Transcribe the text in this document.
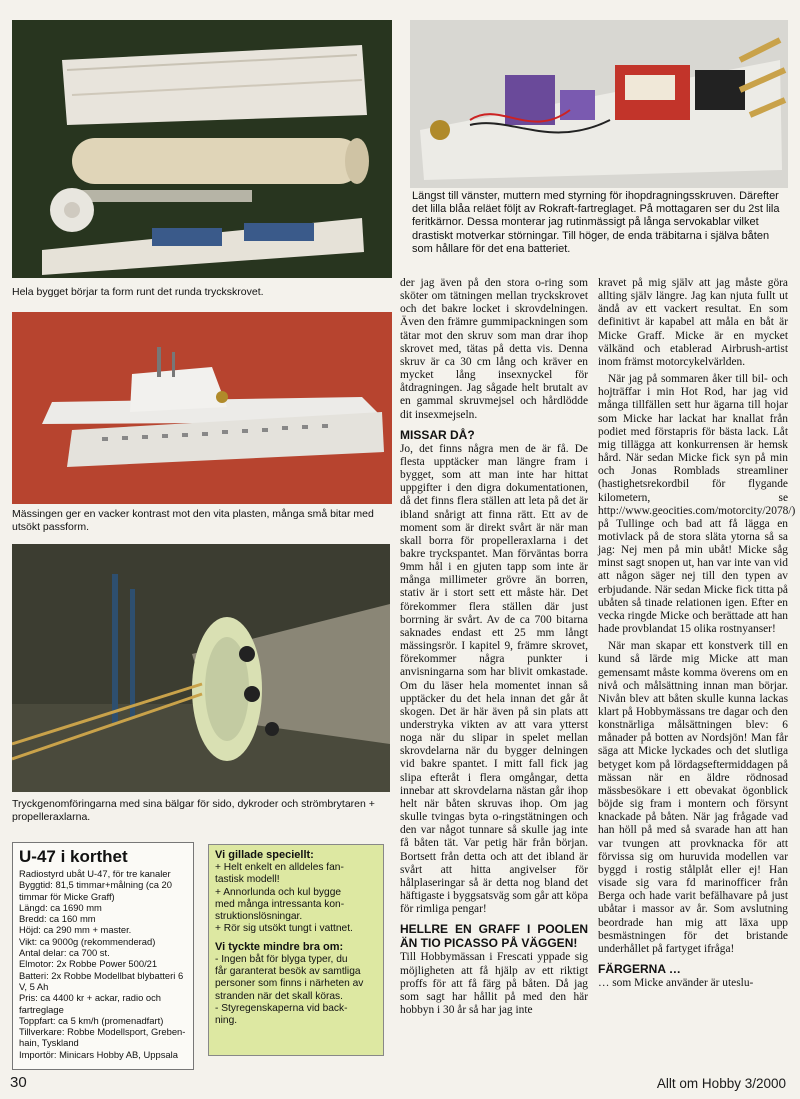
Hela bygget börjar ta form runt det runda tryckskrovet.
Längst till vänster, muttern med styrning för ihopdragningsskruven. Därefter det lilla blåa reläet följt av Rokraft-fartreglaget. På mottagaren ser du 2st lila feritkärnor. Dessa monterar jag rutinmässigt på långa servokablar vilket drastiskt motverkar störningar. Till höger, de enda träbitarna i själva båten som hållare för det ena batteriet.
Mässingen ger en vacker kontrast mot den vita plasten, många små bitar med utsökt passform.
Tryckgenomföringarna med sina bälgar för sido, dykroder och strömbrytaren + propelleraxlarna.

der jag även på den stora o-ring som sköter om tätningen mellan tryckskrovet och det bakre locket i skrovdelningen. Även den främre gummipackningen som tätar mot den skruv som man drar ihop skrovet med, tätas på detta vis. Denna skruv är ca 30 cm lång och kräver en mycket lång insexnyckel för åtdragningen. Jag sågade helt brutalt av en gammal skruvmejsel och hårdlödde dit insexmejseln.

MISSAR DÅ?

Jo, det finns några men de är få. De flesta upptäcker man längre fram i bygget, som att man inte har hittat uppgifter i den digra dokumentationen, då det finns flera ställen att leta på det är ibland snårigt att finna rätt. Ett av de moment som är direkt svårt är när man skall borra för propelleraxlarna i det bakre tryckspantet. Man förväntas borra 9mm hål i en gjuten tapp som inte är många millimeter grövre än borren, stativ är i stort sett ett måste här. Det förekommer flera ställen där just borrning är svårt. Av de ca 700 bitarna saknades endast ett 25 mm långt mässingsrör. I kapitel 9, främre skrovet, förekommer några punkter i anvisningarna som har blivit omkastade. Om du läser hela momentet innan så upptäcker du det hela innan det går åt skogen. Det är här även på sin plats att understryka vikten av att vara ytterst noga när du slipar in spelet mellan skrovdelarna när du bygger delningen vid bakre spantet. I mitt fall fick jag slipa efteråt i flera omgångar, detta innebar att skrovdelarna nästan går ihop helt när båten skruvas ihop. Om jag skulle tvingas byta o-ringstätningen och den var något tunnare så skulle jag inte få båten tät. Var petig här från början. Bortsett från detta och att det ibland är svårt att hitta angivelser för hålplaseringar så är detta nog bland det häftigaste i byggsatsväg som går att köpa för rimliga pengar!

HELLRE EN GRAFF I POOLEN ÄN TIO PICASSO PÅ VÄGGEN!

Till Hobbymässan i Frescati yppade sig möjligheten att få hjälp av ett riktigt proffs för att få färg på båten. Då jag som sagt har hållit på med den här hobbyn i 30 år så har jag inte

kravet på mig själv att jag måste göra allting själv längre. Jag kan njuta fullt ut ändå av ett vackert resultat. En som definitivt är kapabel att måla en båt är Micke Graff. Micke är en mycket välkänd och etablerad Airbrush-artist inom främst motorcykelvärlden.

När jag på sommaren åker till bil- och hojträffar i min Hot Rod, har jag vid många tillfällen sett hur ägarna till hojar som Micke har lackat har knallat från podiet med förstapris för bästa lack. Låt mig tillägga att konkurrensen är hemsk hård. När sedan Micke fick syn på min och Jonas Romblads streamliner (hastighetsrekordbil för flygande kilometern, se http://www.geocities.com/motorcity/2078/) på Tullinge och bad att få lägga en motivlack på de stora släta ytorna så sa jag: Nej men på min ubåt! Micke såg minst sagt snopen ut, han var inte van vid att någon säger nej till den typen av erbjudande. När sedan Micke fick titta på ubåten så tinade relationen igen. Efter en vecka ringde Micke och berättade att han hade provblandat 15 olika rostnyanser!

När man skapar ett konstverk till en kund så lärde mig Micke att man gemensamt måste komma överens om en nivå och målsättning innan man börjar. Nivån blev att båten skulle kunna lackas klart på Hobbymässans tre dagar och den konstnärliga målsättningen blev: 6 månader på botten av Nordsjön! Man får säga att Micke lyckades och det slutliga betyget kom på lördagseftermiddagen på mässan när en äldre rödnosad mässbesökare i ett obevakat ögonblick böjde sig fram i montern och försynt knackade på båten. När jag frågade vad han höll på med så svarade han att han var tvungen att provknacka för att förvissa sig om huruvida modellen var byggd i rostig stålplåt eller ej! Han visade sig vara fd marinofficer från Berga och hade varit befälhavare på just ubåtar i massor av år. Som avslutning beordrade han mig att läxa upp besmästningen för det bristande underhållet på fartyget ifråga!

FÄRGERNA …

… som Micke använder är uteslu-

U-47 i korthet
Radiostyrd ubåt U-47, för tre kanaler
Byggtid: 81,5 timmar+målning (ca 20
timmar för Micke Graff)
Längd: ca 1690 mm
Bredd: ca 160 mm
Höjd: ca 290 mm + master.
Vikt: ca 9000g (rekommenderad)
Antal delar: ca 700 st.
Elmotor: 2x Robbe Power 500/21
Batteri: 2x Robbe Modellbat blybatteri 6
V, 5 Ah
Pris: ca 4400 kr + ackar, radio och
fartreglage
Toppfart: ca 5 km/h (promenadfart)
Tillverkare: Robbe Modellsport, Greben-
hain, Tyskland
Importör: Minicars Hobby AB, Uppsala
Vi gillade speciellt:
+ Helt enkelt en alldeles fan-
tastisk modell!
+ Annorlunda och kul bygge
med många intressanta kon-
struktionslösningar.
+ Rör sig utsökt tungt i vattnet.
Vi tyckte mindre bra om:
- Ingen båt för blyga typer, du
får garanterat besök av samtliga
personer som finns i närheten av
stranden när det skall köras.
- Styregenskaperna vid back-
ning.
30	Allt om Hobby 3/2000
